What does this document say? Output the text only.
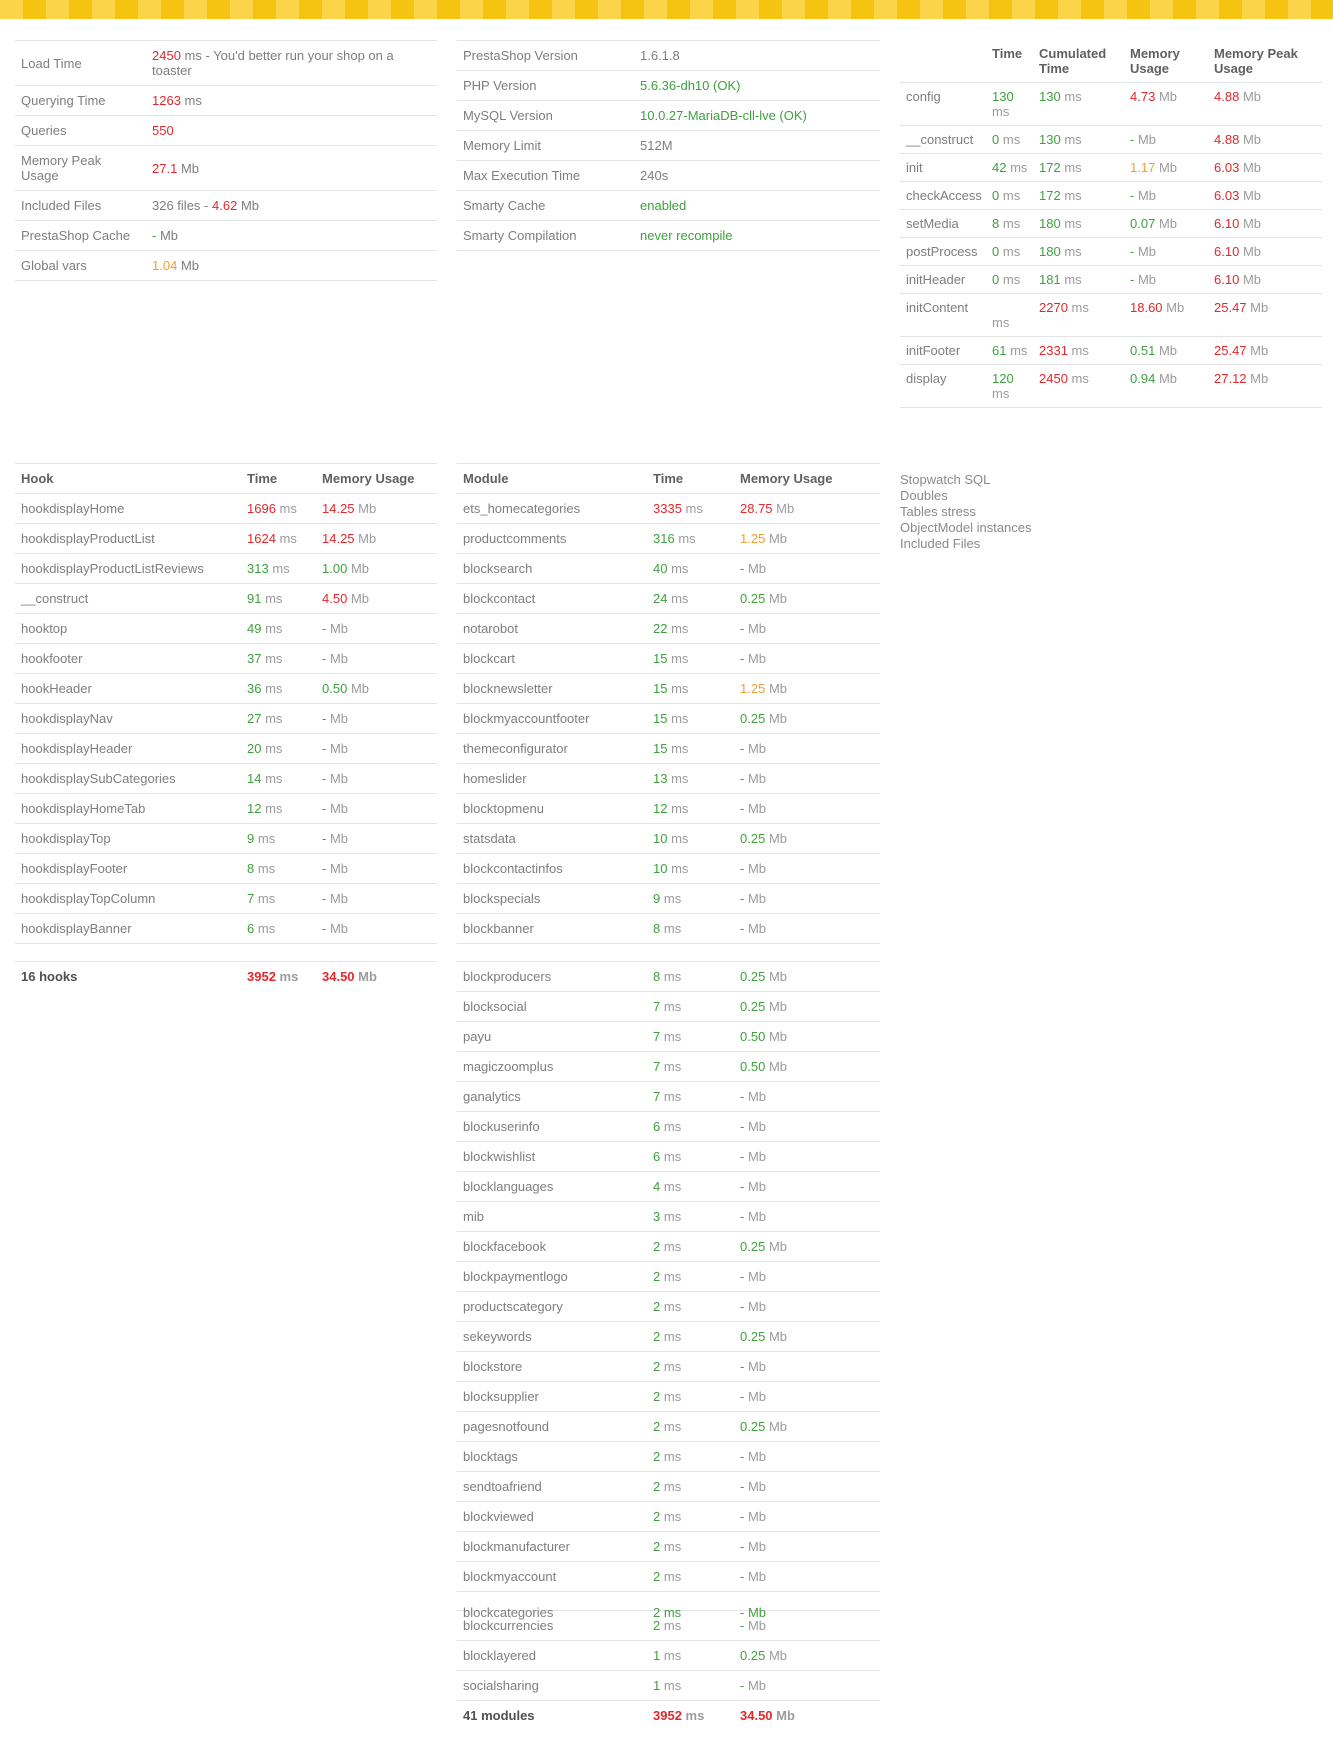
Load Time	2450 ms - You'd better run your shop on a toaster
Querying Time	1263 ms
Queries	550
Memory Peak Usage	27.1 Mb
Included Files	326 files - 4.62 Mb
PrestaShop Cache	- Mb
Global vars	1.04 Mb
PrestaShop Version	1.6.1.8
PHP Version	5.6.36-dh10 (OK)
MySQL Version	10.0.27-MariaDB-cll-lve (OK)
Memory Limit	512M
Max Execution Time	240s
Smarty Cache	enabled
Smarty Compilation	never recompile
	Time	Cumulated Time	Memory Usage	Memory Peak Usage
config	130 ms	130 ms	4.73 Mb	4.88 Mb
__construct	0 ms	130 ms	- Mb	4.88 Mb
init	42 ms	172 ms	1.17 Mb	6.03 Mb
checkAccess	0 ms	172 ms	- Mb	6.03 Mb
setMedia	8 ms	180 ms	0.07 Mb	6.10 Mb
postProcess	0 ms	180 ms	- Mb	6.10 Mb
initHeader	0 ms	181 ms	- Mb	6.10 Mb
initContent	ms	2270 ms	18.60 Mb	25.47 Mb
initFooter	61 ms	2331 ms	0.51 Mb	25.47 Mb
display	120 ms	2450 ms	0.94 Mb	27.12 Mb
Hook	Time	Memory Usage
hookdisplayHome	1696 ms	14.25 Mb
hookdisplayProductList	1624 ms	14.25 Mb
hookdisplayProductListReviews	313 ms	1.00 Mb
__construct	91 ms	4.50 Mb
hooktop	49 ms	- Mb
hookfooter	37 ms	- Mb
hookHeader	36 ms	0.50 Mb
hookdisplayNav	27 ms	- Mb
hookdisplayHeader	20 ms	- Mb
hookdisplaySubCategories	14 ms	- Mb
hookdisplayHomeTab	12 ms	- Mb
hookdisplayTop	9 ms	- Mb
hookdisplayFooter	8 ms	- Mb
hookdisplayTopColumn	7 ms	- Mb
hookdisplayBanner	6 ms	- Mb

16 hooks	3952 ms	34.50 Mb
Module	Time	Memory Usage
ets_homecategories	3335 ms	28.75 Mb
productcomments	316 ms	1.25 Mb
blocksearch	40 ms	- Mb
blockcontact	24 ms	0.25 Mb
notarobot	22 ms	- Mb
blockcart	15 ms	- Mb
blocknewsletter	15 ms	1.25 Mb
blockmyaccountfooter	15 ms	0.25 Mb
themeconfigurator	15 ms	- Mb
homeslider	13 ms	- Mb
blocktopmenu	12 ms	- Mb
statsdata	10 ms	0.25 Mb
blockcontactinfos	10 ms	- Mb
blockspecials	9 ms	- Mb
blockbanner	8 ms	- Mb

blockproducers	8 ms	0.25 Mb
blocksocial	7 ms	0.25 Mb
payu	7 ms	0.50 Mb
magiczoomplus	7 ms	0.50 Mb
ganalytics	7 ms	- Mb
blockuserinfo	6 ms	- Mb
blockwishlist	6 ms	- Mb
blocklanguages	4 ms	- Mb
mib	3 ms	- Mb
blockfacebook	2 ms	0.25 Mb
blockpaymentlogo	2 ms	- Mb
productscategory	2 ms	- Mb
sekeywords	2 ms	0.25 Mb
blockstore	2 ms	- Mb
blocksupplier	2 ms	- Mb
pagesnotfound	2 ms	0.25 Mb
blocktags	2 ms	- Mb
sendtoafriend	2 ms	- Mb
blockviewed	2 ms	- Mb
blockmanufacturer	2 ms	- Mb
blockmyaccount	2 ms	- Mb

blockcategories	2 ms	- Mb

blockcurrencies	2 ms	- Mb
blocklayered	1 ms	0.25 Mb
socialsharing	1 ms	- Mb
41 modules	3952 ms	34.50 Mb
Stopwatch SQL
Doubles
Tables stress
ObjectModel instances
Included Files
